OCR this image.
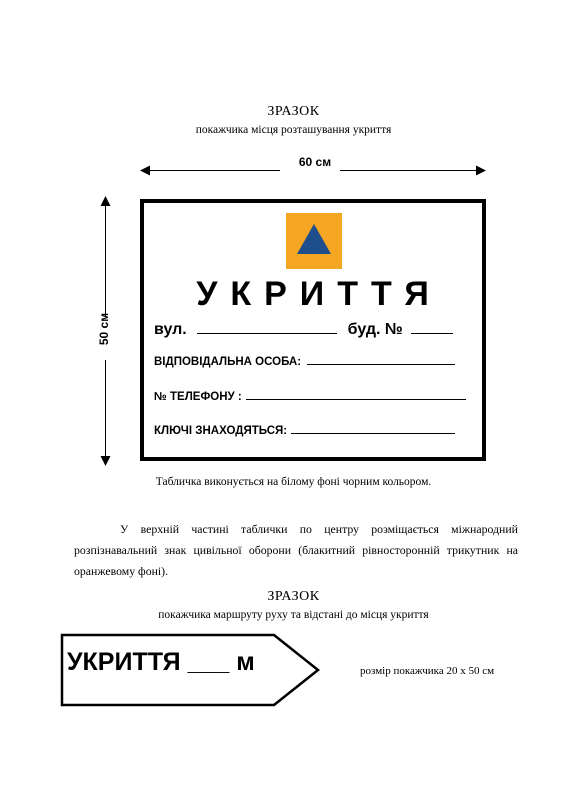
ЗРАЗОК
покажчика місця розташування укриття
60 см
50 см
УКРИТТЯ
вул.	буд. №
ВІДПОВІДАЛЬНА ОСОБА:
№ ТЕЛЕФОНУ :
КЛЮЧІ ЗНАХОДЯТЬСЯ:
Табличка виконується на білому фоні чорним кольором.
У верхній частині таблички по центру розміщається міжнародний розпізнавальний знак цивільної оборони (блакитний рівносторонній трикутник на оранжевому фоні).
ЗРАЗОК
покажчика маршруту руху та відстані до місця укриття
УКРИТТЯ ___ м	розмір покажчика 20 х 50 см
